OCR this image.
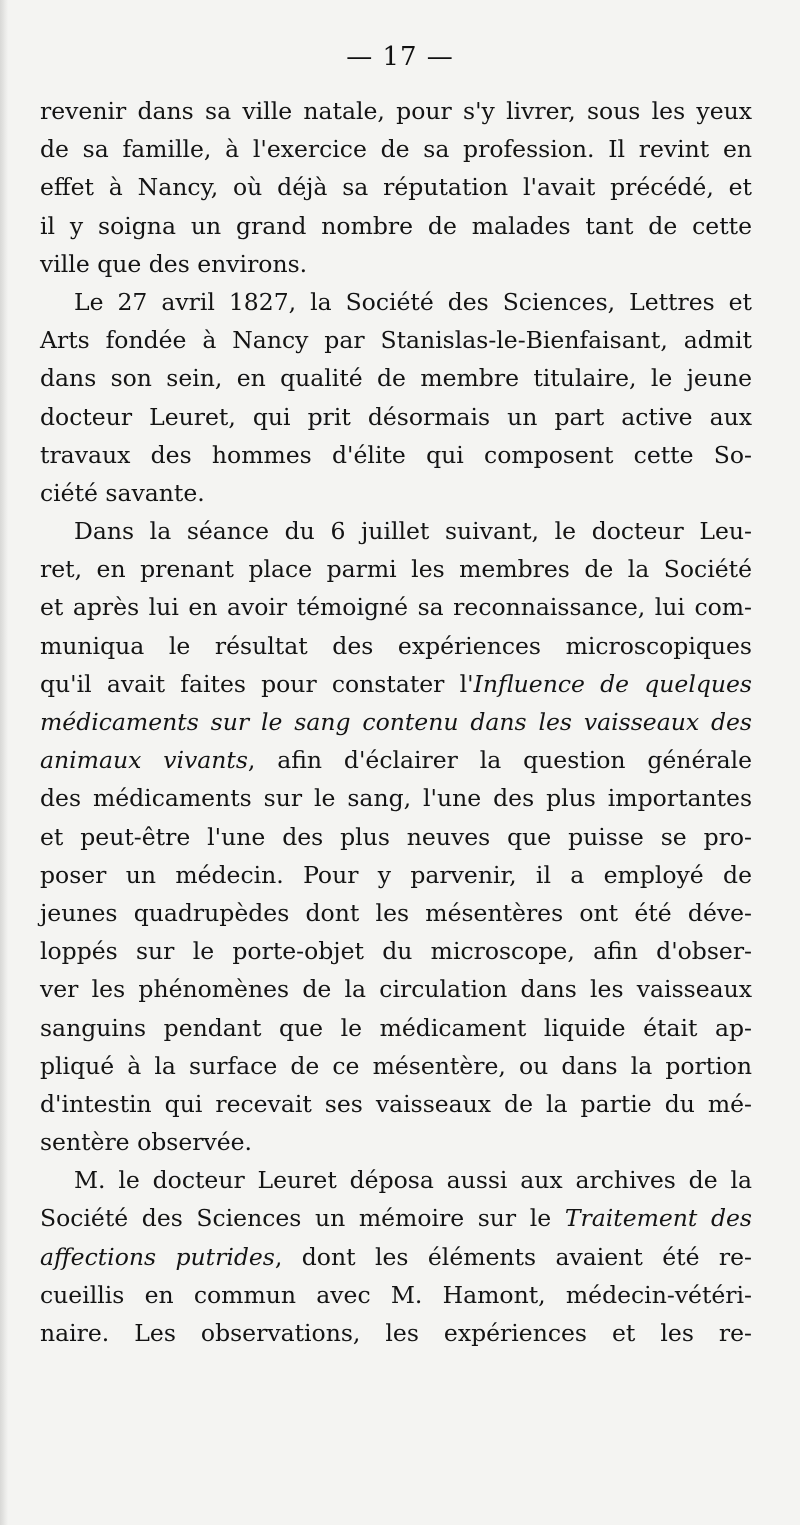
— 17 —
revenir dans sa ville natale, pour s'y livrer, sous les yeux
de sa famille, à l'exercice de sa profession. Il revint en
effet à Nancy, où déjà sa réputation l'avait précédé, et
il y soigna un grand nombre de malades tant de cette
ville que des environs.
Le 27 avril 1827, la Société des Sciences, Lettres et
Arts fondée à Nancy par Stanislas-le-Bienfaisant, admit
dans son sein, en qualité de membre titulaire, le jeune
docteur Leuret, qui prit désormais un part active aux
travaux des hommes d'élite qui composent cette So-
ciété savante.
Dans la séance du 6 juillet suivant, le docteur Leu-
ret, en prenant place parmi les membres de la Société
et après lui en avoir témoigné sa reconnaissance, lui com-
muniqua le résultat des expériences microscopiques
qu'il avait faites pour constater l'Influence de quelques
médicaments sur le sang contenu dans les vaisseaux des
animaux vivants, afin d'éclairer la question générale
des médicaments sur le sang, l'une des plus importantes
et peut-être l'une des plus neuves que puisse se pro-
poser un médecin. Pour y parvenir, il a employé de
jeunes quadrupèdes dont les mésentères ont été déve-
loppés sur le porte-objet du microscope, afin d'obser-
ver les phénomènes de la circulation dans les vaisseaux
sanguins pendant que le médicament liquide était ap-
pliqué à la surface de ce mésentère, ou dans la portion
d'intestin qui recevait ses vaisseaux de la partie du mé-
sentère observée.
M. le docteur Leuret déposa aussi aux archives de la
Société des Sciences un mémoire sur le Traitement des
affections putrides, dont les éléments avaient été re-
cueillis en commun avec M. Hamont, médecin-vétéri-
naire. Les observations, les expériences et les re-
